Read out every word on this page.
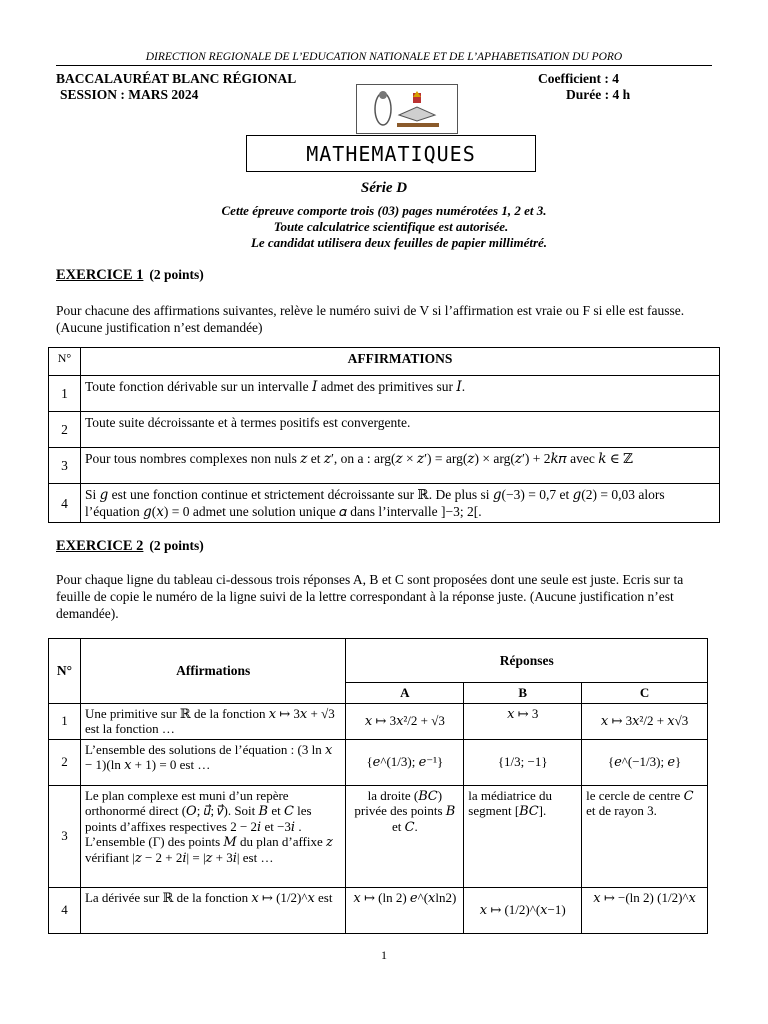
DIRECTION REGIONALE DE L’EDUCATION NATIONALE ET DE L’APHABETISATION DU PORO
BACCALAURÉAT BLANC RÉGIONAL
SESSION : MARS 2024
Coefficient : 4
Durée : 4 h
MATHEMATIQUES
Série D
Cette épreuve comporte trois (03) pages numérotées 1, 2 et 3.
Toute calculatrice scientifique est autorisée.
Le candidat utilisera deux feuilles de papier millimétré.
EXERCICE 1 (2 points)
Pour chacune des affirmations suivantes, relève le numéro suivi de V si l’affirmation est vraie ou F si elle est fausse. (Aucune justification n’est demandée)
N°	AFFIRMATIONS
1	Toute fonction dérivable sur un intervalle 𝐼 admet des primitives sur 𝐼.
2	Toute suite décroissante et à termes positifs est convergente.
3	Pour tous nombres complexes non nuls 𝑧 et 𝑧′, on a : arg(𝑧 × 𝑧′) = arg(𝑧) × arg(𝑧′) + 2𝑘𝜋 avec 𝑘 ∈ ℤ
4	Si 𝑔 est une fonction continue et strictement décroissante sur ℝ. De plus si 𝑔(−3) = 0,7 et 𝑔(2) = 0,03 alors l’équation 𝑔(𝑥) = 0 admet une solution unique 𝛼 dans l’intervalle ]−3; 2[.
EXERCICE 2 (2 points)
Pour chaque ligne du tableau ci-dessous trois réponses A, B et C sont proposées dont une seule est juste. Ecris sur ta feuille de copie le numéro de la ligne suivi de la lettre correspondant à la réponse juste. (Aucune justification n’est demandée).
N°	Affirmations	Réponses		
		A	B	C
1	Une primitive sur ℝ de la fonction 𝑥 ↦ 3𝑥 + √3 est la fonction …	𝑥 ↦ 3𝑥²/2 + √3	𝑥 ↦ 3	𝑥 ↦ 3𝑥²/2 + 𝑥√3
2	L’ensemble des solutions de l’équation : (3 ln 𝑥 − 1)(ln 𝑥 + 1) = 0 est …	{𝑒^(1/3); 𝑒⁻¹}	{1/3; −1}	{𝑒^(−1/3); 𝑒}
3	Le plan complexe est muni d’un repère orthonormé direct (𝑂; 𝑢⃗; 𝑣⃗). Soit 𝐵 et 𝐶 les points d’affixes respectives 2 − 2𝑖 et −3𝑖 . L’ensemble (Γ) des points 𝑀 du plan d’affixe 𝑧 vérifiant |𝑧 − 2 + 2𝑖| = |𝑧 + 3𝑖| est …	la droite (𝐵𝐶) privée des points 𝐵 et 𝐶.	la médiatrice du segment [𝐵𝐶].	le cercle de centre 𝐶 et de rayon 3.
4	La dérivée sur ℝ de la fonction 𝑥 ↦ (1/2)^𝑥 est	𝑥 ↦ (ln 2) 𝑒^(𝑥ln2)	𝑥 ↦ (1/2)^(𝑥−1)	𝑥 ↦ −(ln 2) (1/2)^𝑥
1
